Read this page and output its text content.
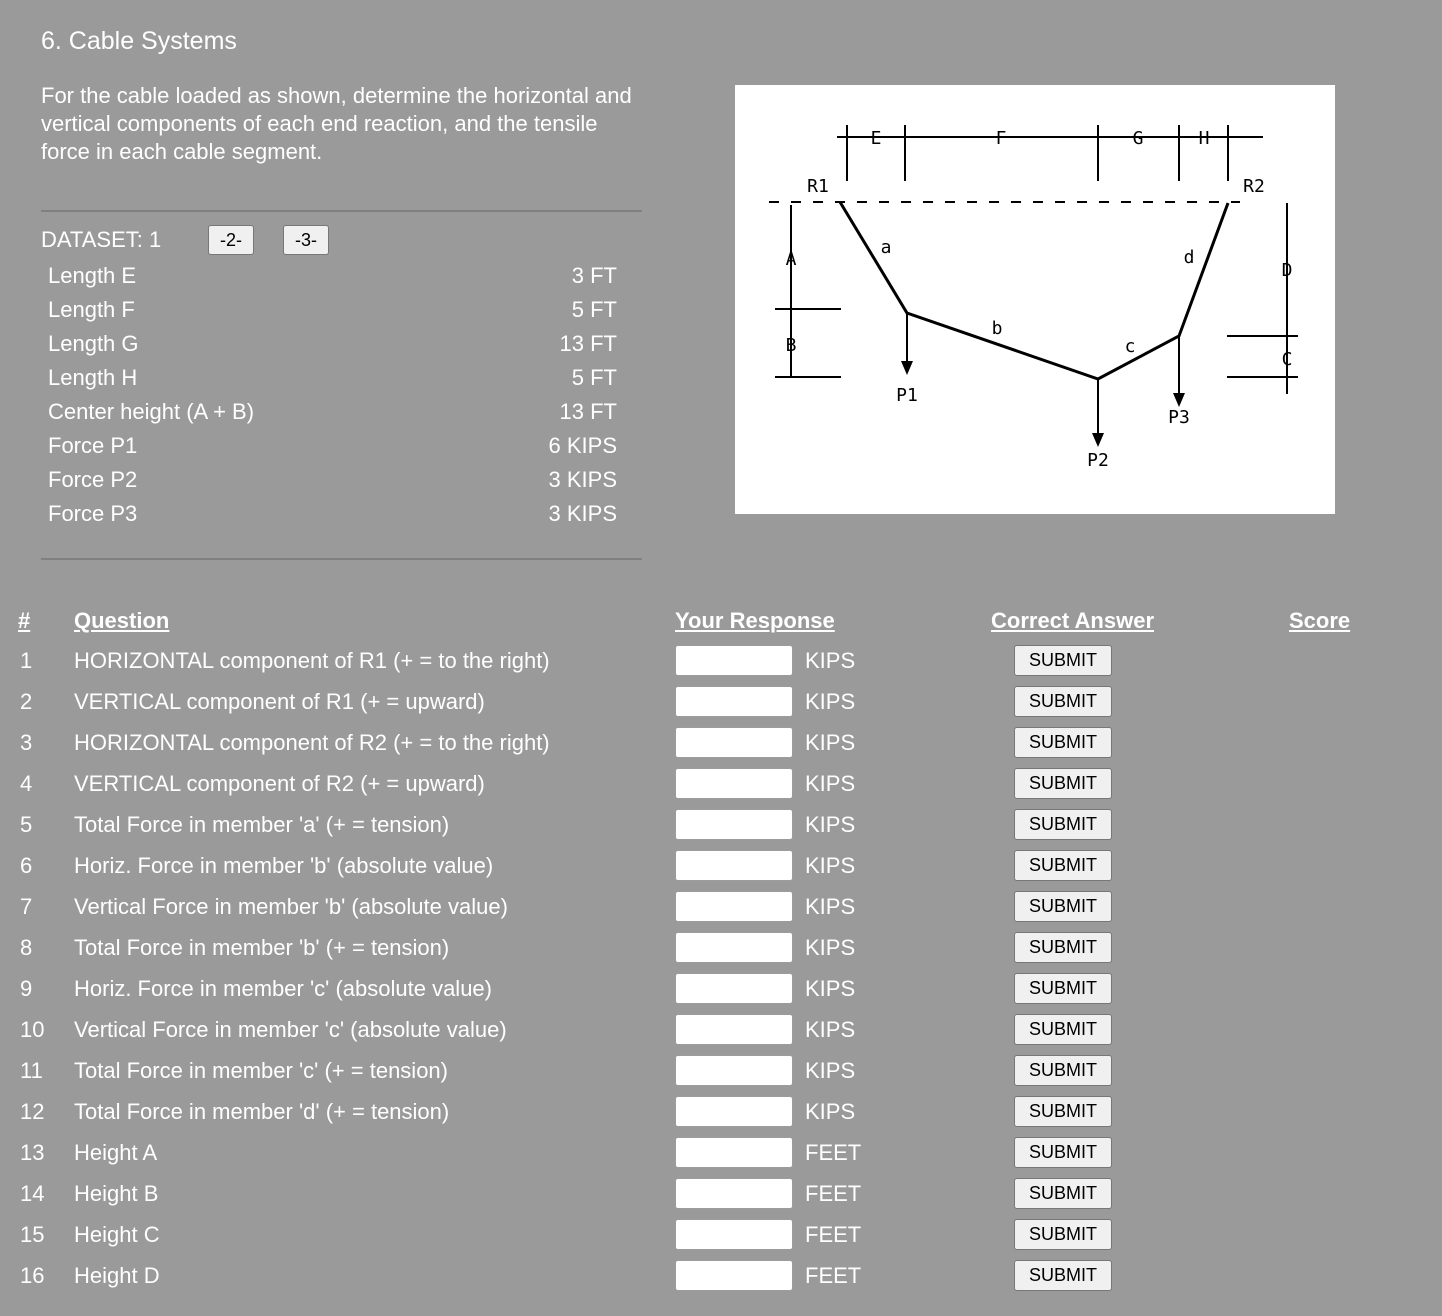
6. Cable Systems
For the cable loaded as shown, determine the horizontal and vertical components of each end reaction, and the tensile force in each cable segment.
DATASET: 1	-2-	-3-
Length E	3 FT
Length F	5 FT
Length G	13 FT
Length H	5 FT
Center height (A + B)	13 FT
Force P1	6 KIPS
Force P2	3 KIPS
Force P3	3 KIPS
E	F	G	H
R1	R2
A
B
C
D
a
b
c
d
P1
P2
P3
# Question	Your Response	Correct Answer	Score
1 HORIZONTAL component of R1 (+ = to the right)	KIPS	SUBMIT
2 VERTICAL component of R1 (+ = upward)	KIPS	SUBMIT
3 HORIZONTAL component of R2 (+ = to the right)	KIPS	SUBMIT
4 VERTICAL component of R2 (+ = upward)	KIPS	SUBMIT
5 Total Force in member 'a' (+ = tension)	KIPS	SUBMIT
6 Horiz. Force in member 'b' (absolute value)	KIPS	SUBMIT
7 Vertical Force in member 'b' (absolute value)	KIPS	SUBMIT
8 Total Force in member 'b' (+ = tension)	KIPS	SUBMIT
9 Horiz. Force in member 'c' (absolute value)	KIPS	SUBMIT
10 Vertical Force in member 'c' (absolute value)	KIPS	SUBMIT
11 Total Force in member 'c' (+ = tension)	KIPS	SUBMIT
12 Total Force in member 'd' (+ = tension)	KIPS	SUBMIT
13 Height A	FEET	SUBMIT
14 Height B	FEET	SUBMIT
15 Height C	FEET	SUBMIT
16 Height D	FEET	SUBMIT
